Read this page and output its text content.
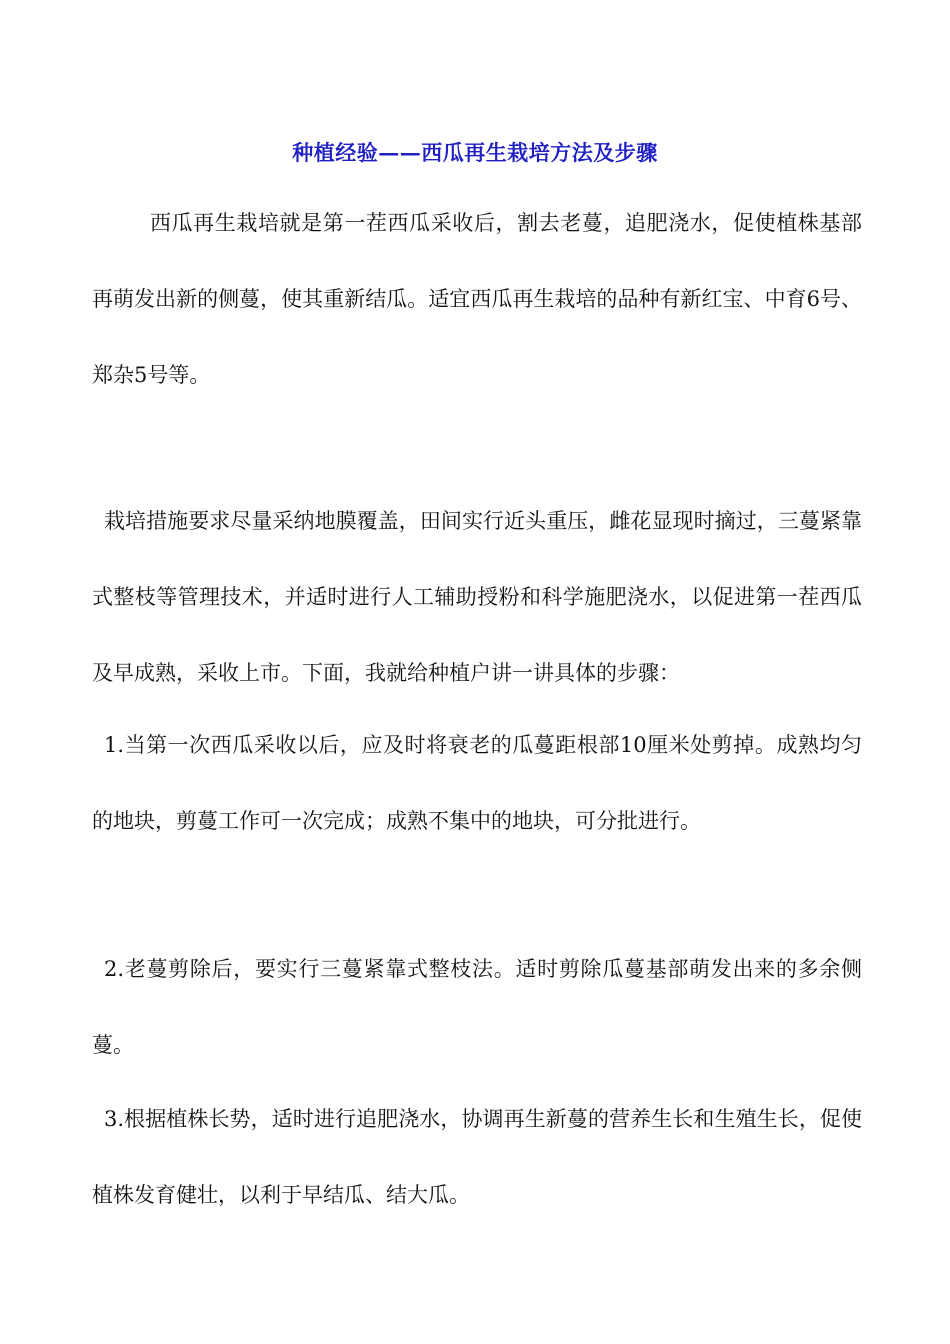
种植经验——西瓜再生栽培方法及步骤

西瓜再生栽培就是第一茬西瓜采收后，割去老蔓，追肥浇水，促使植株基部再萌发出新的侧蔓，使其重新结瓜。适宜西瓜再生栽培的品种有新红宝、中育6号、郑杂5号等。

栽培措施要求尽量采纳地膜覆盖，田间实行近头重压，雌花显现时摘过，三蔓紧靠式整枝等管理技术，并适时进行人工辅助授粉和科学施肥浇水，以促进第一茬西瓜及早成熟，采收上市。下面，我就给种植户讲一讲具体的步骤：

1.当第一次西瓜采收以后，应及时将衰老的瓜蔓距根部10厘米处剪掉。成熟均匀的地块，剪蔓工作可一次完成；成熟不集中的地块，可分批进行。

2.老蔓剪除后，要实行三蔓紧靠式整枝法。适时剪除瓜蔓基部萌发出来的多余侧蔓。

3.根据植株长势，适时进行追肥浇水，协调再生新蔓的营养生长和生殖生长，促使植株发育健壮，以利于早结瓜、结大瓜。
